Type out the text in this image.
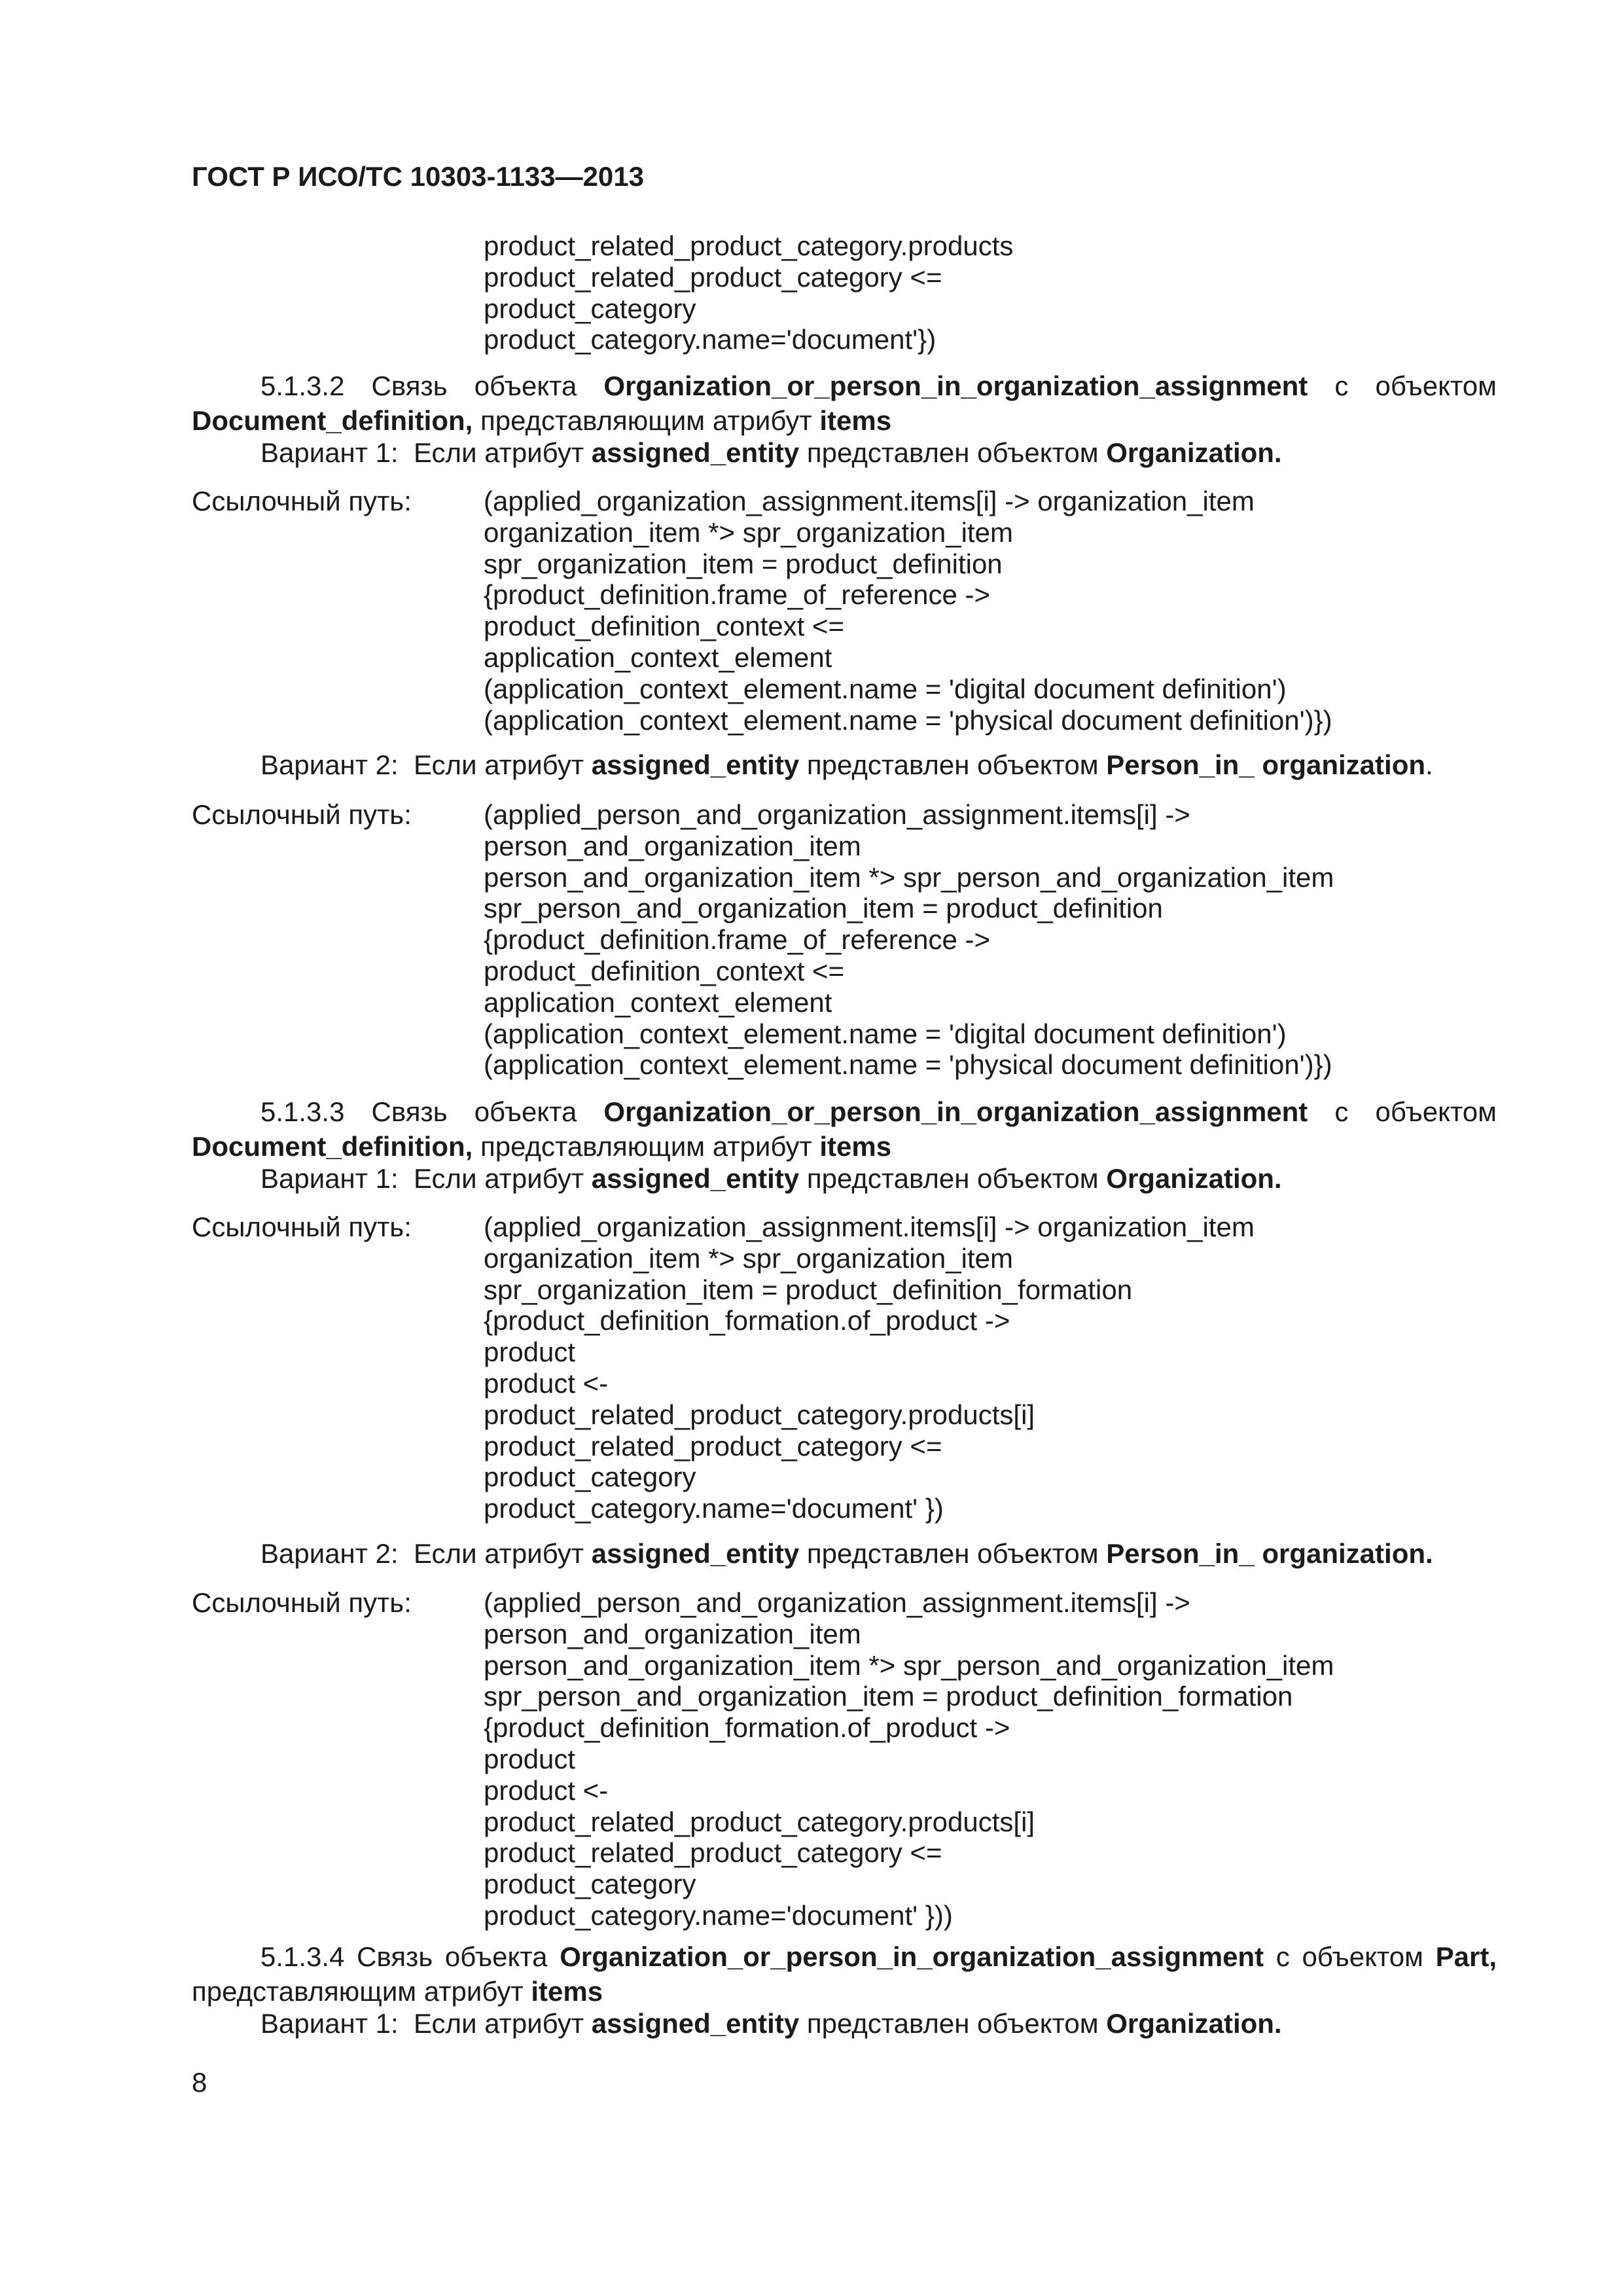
ГОСТ Р ИСО/ТС 10303-1133—2013
product_related_product_category.products
product_related_product_category <=
product_category
product_category.name='document'})
5.1.3.2 Связь объекта Organization_or_person_in_organization_assignment с объектом
Document_definition, представляющим атрибут items
Вариант 1:  Если атрибут assigned_entity представлен объектом Organization.
Ссылочный путь:	(applied_organization_assignment.items[i] -> organization_item
organization_item *> spr_organization_item
spr_organization_item = product_definition
{product_definition.frame_of_reference ->
product_definition_context <=
application_context_element
(application_context_element.name = 'digital document definition')
(application_context_element.name = 'physical document definition')})
Вариант 2:  Если атрибут assigned_entity представлен объектом Person_in_ organization.
Ссылочный путь:	(applied_person_and_organization_assignment.items[i] ->
person_and_organization_item
person_and_organization_item *> spr_person_and_organization_item
spr_person_and_organization_item = product_definition
{product_definition.frame_of_reference ->
product_definition_context <=
application_context_element
(application_context_element.name = 'digital document definition')
(application_context_element.name = 'physical document definition')})
5.1.3.3 Связь объекта Organization_or_person_in_organization_assignment с объектом
Document_definition, представляющим атрибут items
Вариант 1:  Если атрибут assigned_entity представлен объектом Organization.
Ссылочный путь:	(applied_organization_assignment.items[i] -> organization_item
organization_item *> spr_organization_item
spr_organization_item = product_definition_formation
{product_definition_formation.of_product ->
product
product <-
product_related_product_category.products[i]
product_related_product_category <=
product_category
product_category.name='document' })
Вариант 2:  Если атрибут assigned_entity представлен объектом Person_in_ organization.
Ссылочный путь:	(applied_person_and_organization_assignment.items[i] ->
person_and_organization_item
person_and_organization_item *> spr_person_and_organization_item
spr_person_and_organization_item = product_definition_formation
{product_definition_formation.of_product ->
product
product <-
product_related_product_category.products[i]
product_related_product_category <=
product_category
product_category.name='document' }))
5.1.3.4 Связь объекта Organization_or_person_in_organization_assignment с объектом Part,
представляющим атрибут items
Вариант 1:  Если атрибут assigned_entity представлен объектом Organization.
8
